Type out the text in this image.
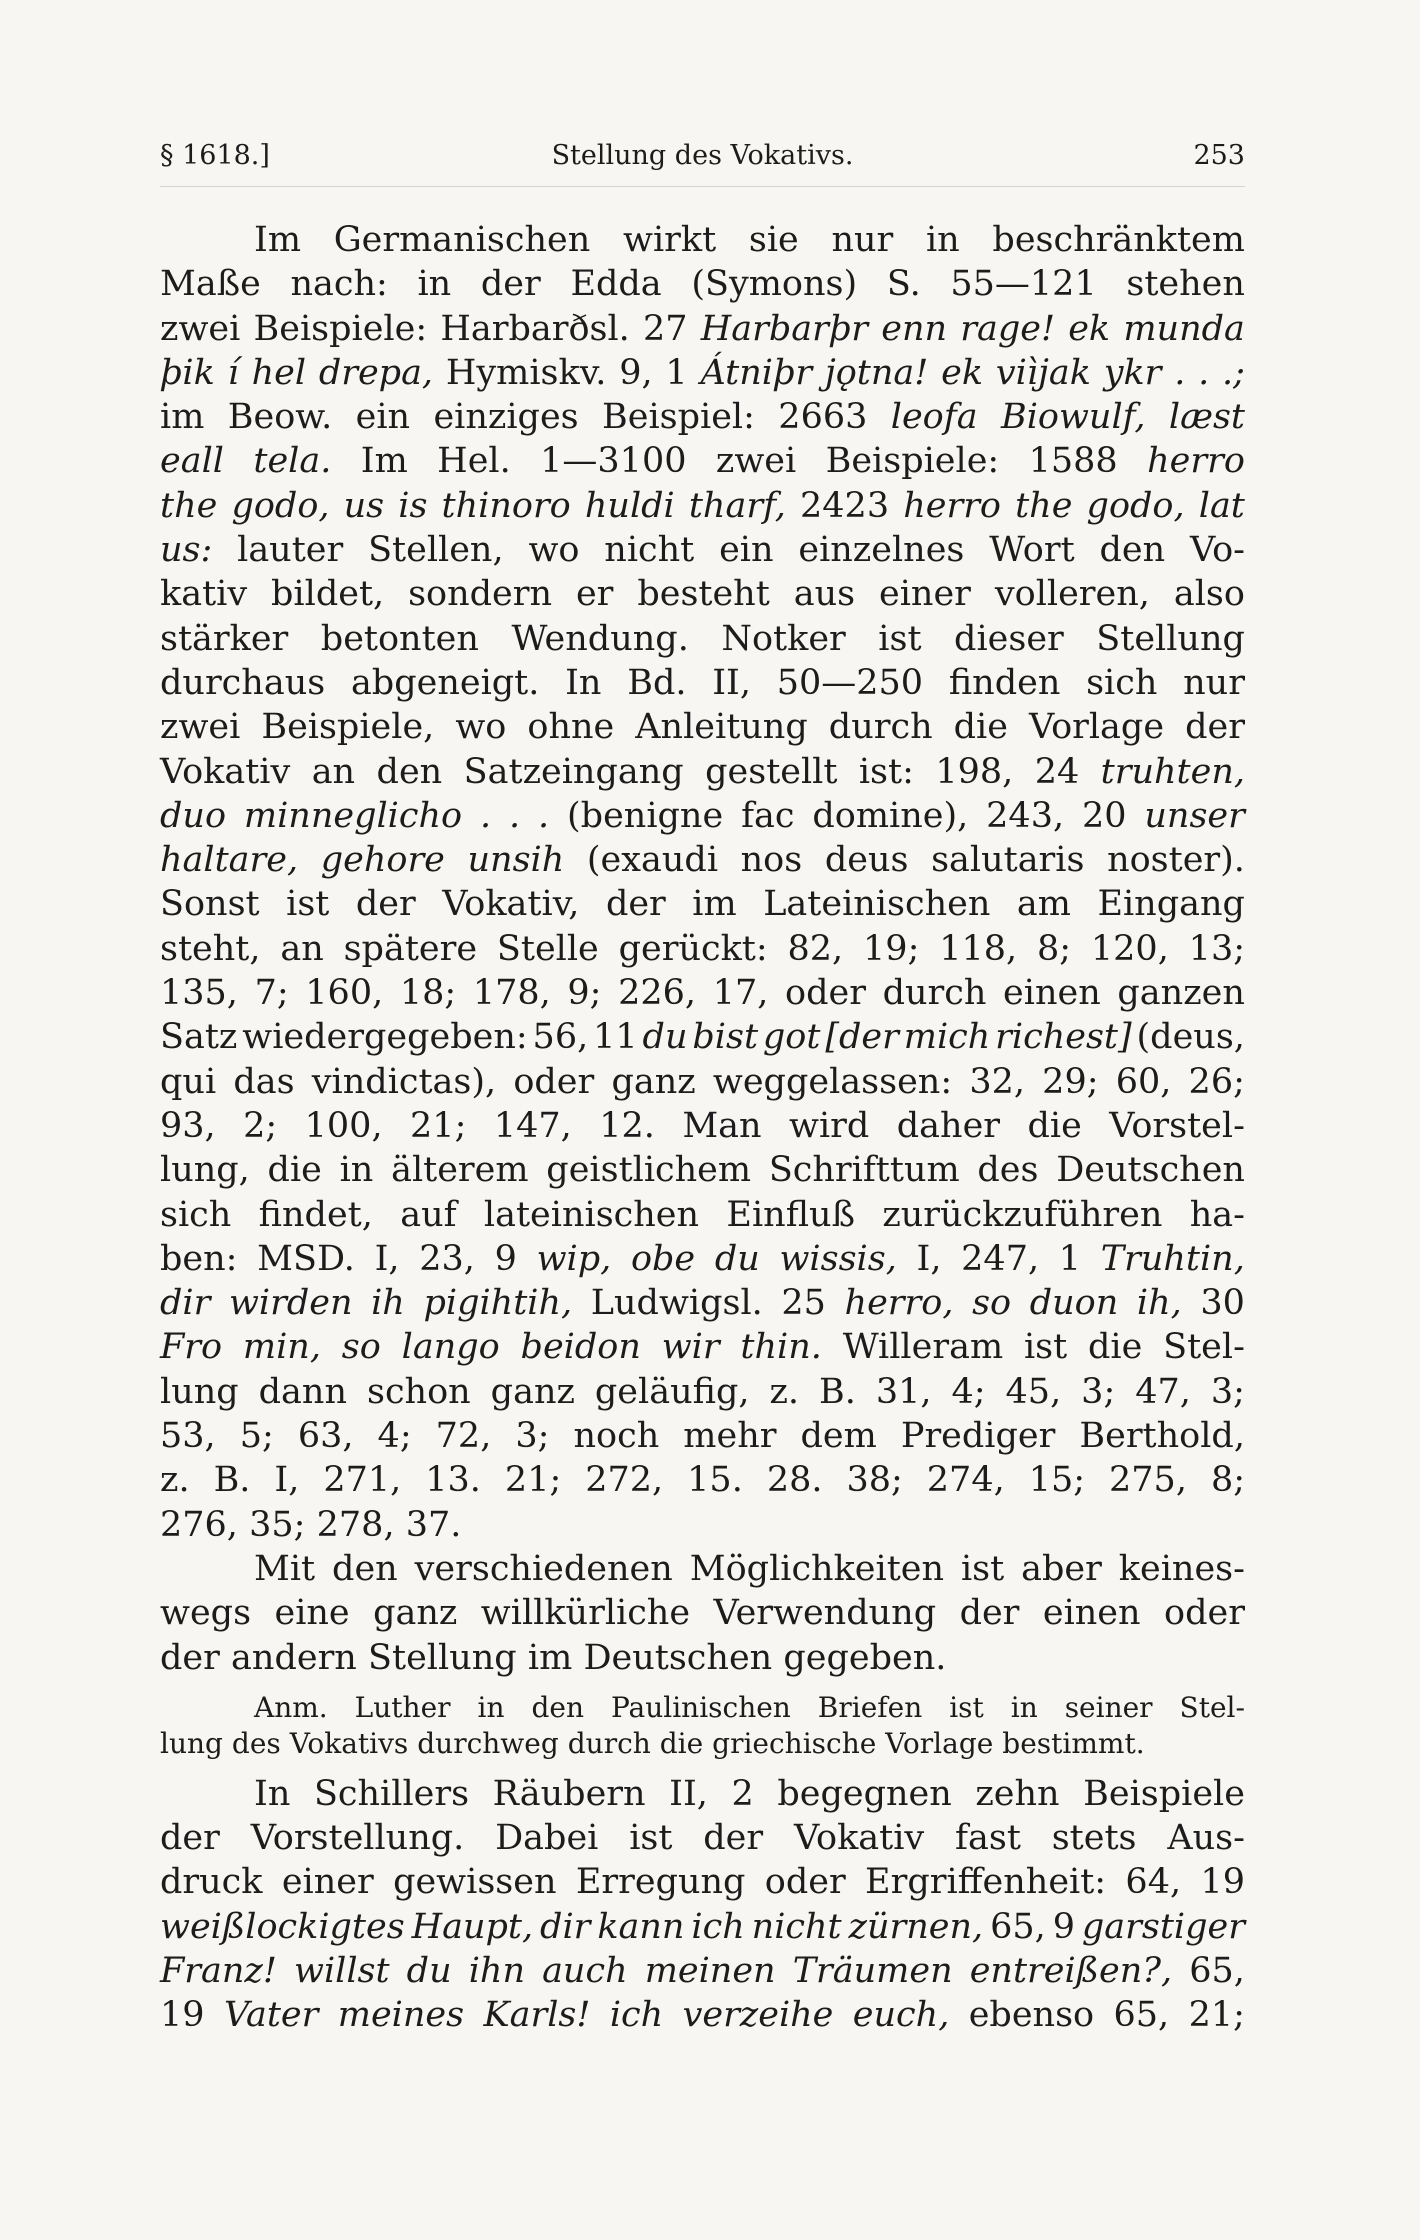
§ 1618.]	Stellung des Vokativs.	253
Im Germanischen wirkt sie nur in beschränktem
Maße nach: in der Edda (Symons) S. 55—121 stehen
zwei Beispiele: Harbarðsl. 27 Harbarþr enn rage! ek munda
þik í hel drepa, Hymiskv. 9, 1 Átniþr jǫtna! ek viìjak ykr . . .;
im Beow. ein einziges Beispiel: 2663 leofa Biowulf, læst
eall tela. Im Hel. 1—3100 zwei Beispiele: 1588 herro
the godo, us is thinoro huldi tharf, 2423 herro the godo, lat
us: lauter Stellen, wo nicht ein einzelnes Wort den Vo-
kativ bildet, sondern er besteht aus einer volleren, also
stärker betonten Wendung. Notker ist dieser Stellung
durchaus abgeneigt. In Bd. II, 50—250 finden sich nur
zwei Beispiele, wo ohne Anleitung durch die Vorlage der
Vokativ an den Satzeingang gestellt ist: 198, 24 truhten,
duo minneglicho . . . (benigne fac domine), 243, 20 unser
haltare, gehore unsih (exaudi nos deus salutaris noster).
Sonst ist der Vokativ, der im Lateinischen am Eingang
steht, an spätere Stelle gerückt: 82, 19; 118, 8; 120, 13;
135, 7; 160, 18; 178, 9; 226, 17, oder durch einen ganzen
Satz wiedergegeben: 56, 11 du bist got [der mich richest] (deus,
qui das vindictas), oder ganz weggelassen: 32, 29; 60, 26;
93, 2; 100, 21; 147, 12. Man wird daher die Vorstel-
lung, die in älterem geistlichem Schrifttum des Deutschen
sich findet, auf lateinischen Einfluß zurückzuführen ha-
ben: MSD. I, 23, 9 wip, obe du wissis, I, 247, 1 Truhtin,
dir wirden ih pigihtih, Ludwigsl. 25 herro, so duon ih, 30
Fro min, so lango beidon wir thin. Willeram ist die Stel-
lung dann schon ganz geläufig, z. B. 31, 4; 45, 3; 47, 3;
53, 5; 63, 4; 72, 3; noch mehr dem Prediger Berthold,
z. B. I, 271, 13. 21; 272, 15. 28. 38; 274, 15; 275, 8;
276, 35; 278, 37.
Mit den verschiedenen Möglichkeiten ist aber keines-
wegs eine ganz willkürliche Verwendung der einen oder
der andern Stellung im Deutschen gegeben.
Anm. Luther in den Paulinischen Briefen ist in seiner Stel-
lung des Vokativs durchweg durch die griechische Vorlage bestimmt.
In Schillers Räubern II, 2 begegnen zehn Beispiele
der Vorstellung. Dabei ist der Vokativ fast stets Aus-
druck einer gewissen Erregung oder Ergriffenheit: 64, 19
weißlockigtes Haupt, dir kann ich nicht zürnen, 65, 9 garstiger
Franz! willst du ihn auch meinen Träumen entreißen?, 65,
19 Vater meines Karls! ich verzeihe euch, ebenso 65, 21;
